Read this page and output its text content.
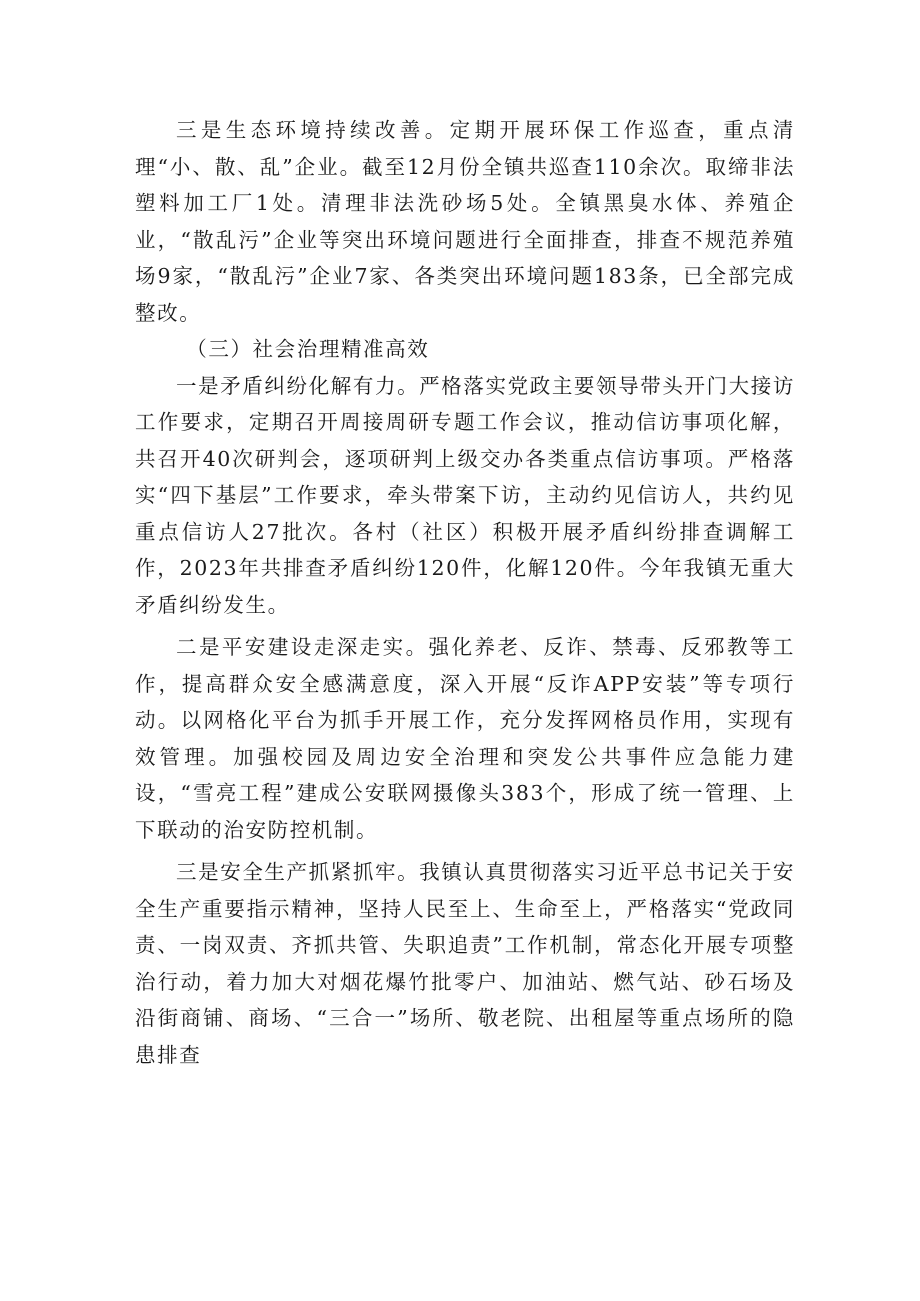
三是生态环境持续改善。定期开展环保工作巡查，重点清理“小、散、乱”企业。截至12月份全镇共巡查110余次。取缔非法塑料加工厂1处。清理非法洗砂场5处。全镇黑臭水体、养殖企业，“散乱污”企业等突出环境问题进行全面排查，排查不规范养殖场9家，“散乱污”企业7家、各类突出环境问题183条，已全部完成整改。

（三）社会治理精准高效

一是矛盾纠纷化解有力。严格落实党政主要领导带头开门大接访工作要求，定期召开周接周研专题工作会议，推动信访事项化解，共召开40次研判会，逐项研判上级交办各类重点信访事项。严格落实“四下基层”工作要求，牵头带案下访，主动约见信访人，共约见重点信访人27批次。各村（社区）积极开展矛盾纠纷排查调解工作，2023年共排查矛盾纠纷120件，化解120件。今年我镇无重大矛盾纠纷发生。

二是平安建设走深走实。强化养老、反诈、禁毒、反邪教等工作，提高群众安全感满意度，深入开展“反诈APP安装”等专项行动。以网格化平台为抓手开展工作，充分发挥网格员作用，实现有效管理。加强校园及周边安全治理和突发公共事件应急能力建设，“雪亮工程”建成公安联网摄像头383个，形成了统一管理、上下联动的治安防控机制。

三是安全生产抓紧抓牢。我镇认真贯彻落实习近平总书记关于安全生产重要指示精神，坚持人民至上、生命至上，严格落实“党政同责、一岗双责、齐抓共管、失职追责”工作机制，常态化开展专项整治行动，着力加大对烟花爆竹批零户、加油站、燃气站、砂石场及沿街商铺、商场、“三合一”场所、敬老院、出租屋等重点场所的隐患排查
